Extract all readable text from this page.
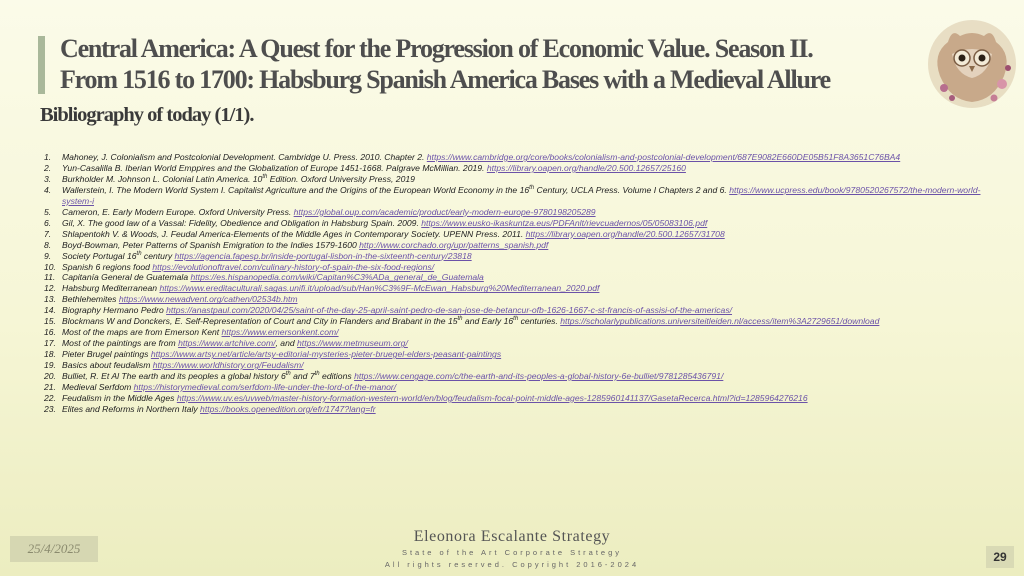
Central America: A Quest for the Progression of Economic Value. Season II.
From 1516 to 1700: Habsburg Spanish America Bases with a Medieval Allure
Bibliography of today (1/1).
1.	Mahoney, J. Colonialism and Postcolonial Development. Cambridge U. Press. 2010. Chapter 2. https://www.cambridge.org/core/books/colonialism-and-postcolonial-development/687E9082E660DE05B51F8A3651C76BA4
2.	Yun-Casalilla B. Iberian World Emppires and the Globalization of Europe 1451-1668. Palgrave McMillian. 2019. https://library.oapen.org/handle/20.500.12657/25160
3.	Burkholder M. Johnson L. Colonial Latin America. 10th Edition. Oxford University Press, 2019
4.	Wallerstein, I. The Modern World System I. Capitalist Agriculture and the Origins of the European World Economy in the 16th Century, UCLA Press. Volume I Chapters 2 and 6. https://www.ucpress.edu/book/9780520267572/the-modern-world-system-i
5.	Cameron, E. Early Modern Europe. Oxford University Press. https://global.oup.com/academic/product/early-modern-europe-9780198205289
6.	Gil, X. The good law of a Vassal: Fidelity, Obedience and Obligation in Habsburg Spain. 2009. https://www.eusko-ikaskuntza.eus/PDFAnlt/rievcuadernos/05/05083106.pdf
7.	Shlapentokh V. & Woods, J. Feudal America-Elements of the Middle Ages in Contemporary Society. UPENN Press. 2011. https://library.oapen.org/handle/20.500.12657/31708
8.	Boyd-Bowman, Peter Patterns of Spanish Emigration to the Indies 1579-1600 http://www.corchado.org/upr/patterns_spanish.pdf
9.	Society Portugal 16th century https://agencia.fapesp.br/inside-portugal-lisbon-in-the-sixteenth-century/23818
10. Spanish 6 regions food https://evolutionoftravel.com/culinary-history-of-spain-the-six-food-regions/
11. Capitanía General de Guatemala https://es.hispanopedia.com/wiki/Capitan%C3%ADa_general_de_Guatemala
12. Habsburg Mediterranean https://www.ereditaculturali.sagas.unifi.it/upload/sub/Han%C3%9F-McEwan_Habsburg%20Mediterranean_2020.pdf
13. Bethlehemites https://www.newadvent.org/cathen/02534b.htm
14. Biography Hermano Pedro https://anastpaul.com/2020/04/25/saint-of-the-day-25-april-saint-pedro-de-san-jose-de-betancur-ofb-1626-1667-c-st-francis-of-assisi-of-the-americas/
15. Blockmans W and Donckers, E. Self-Representation of Court and City in Flanders and Brabant in the 15th and Early 16th centuries. https://scholarlypublications.universiteitleiden.nl/access/item%3A2729651/download
16. Most of the maps are from Emerson Kent https://www.emersonkent.com/
17. Most of the paintings are from https://www.artchive.com/, and https://www.metmuseum.org/
18. Pieter Brugel paintings https://www.artsy.net/article/artsy-editorial-mysteries-pieter-bruegel-elders-peasant-paintings
19. Basics about feudalism https://www.worldhistory.org/Feudalism/
20. Bulliet, R. Et Al The earth and its peoples a global history 6th and 7th editions https://www.cengage.com/c/the-earth-and-its-peoples-a-global-history-6e-bulliet/9781285436791/
21. Medieval Serfdom https://historymedieval.com/serfdom-life-under-the-lord-of-the-manor/
22. Feudalism in the Middle Ages https://www.uv.es/uvweb/master-history-formation-western-world/en/blog/feudalism-focal-point-middle-ages-1285960141137/GasetaRecerca.html?id=1285964276216
23. Elites and Reforms in Northern Italy https://books.openedition.org/efr/1747?lang=fr
Eleonora Escalante Strategy
State of the Art Corporate Strategy
All rights reserved. Copyright 2016-2024
25/4/2025
29
